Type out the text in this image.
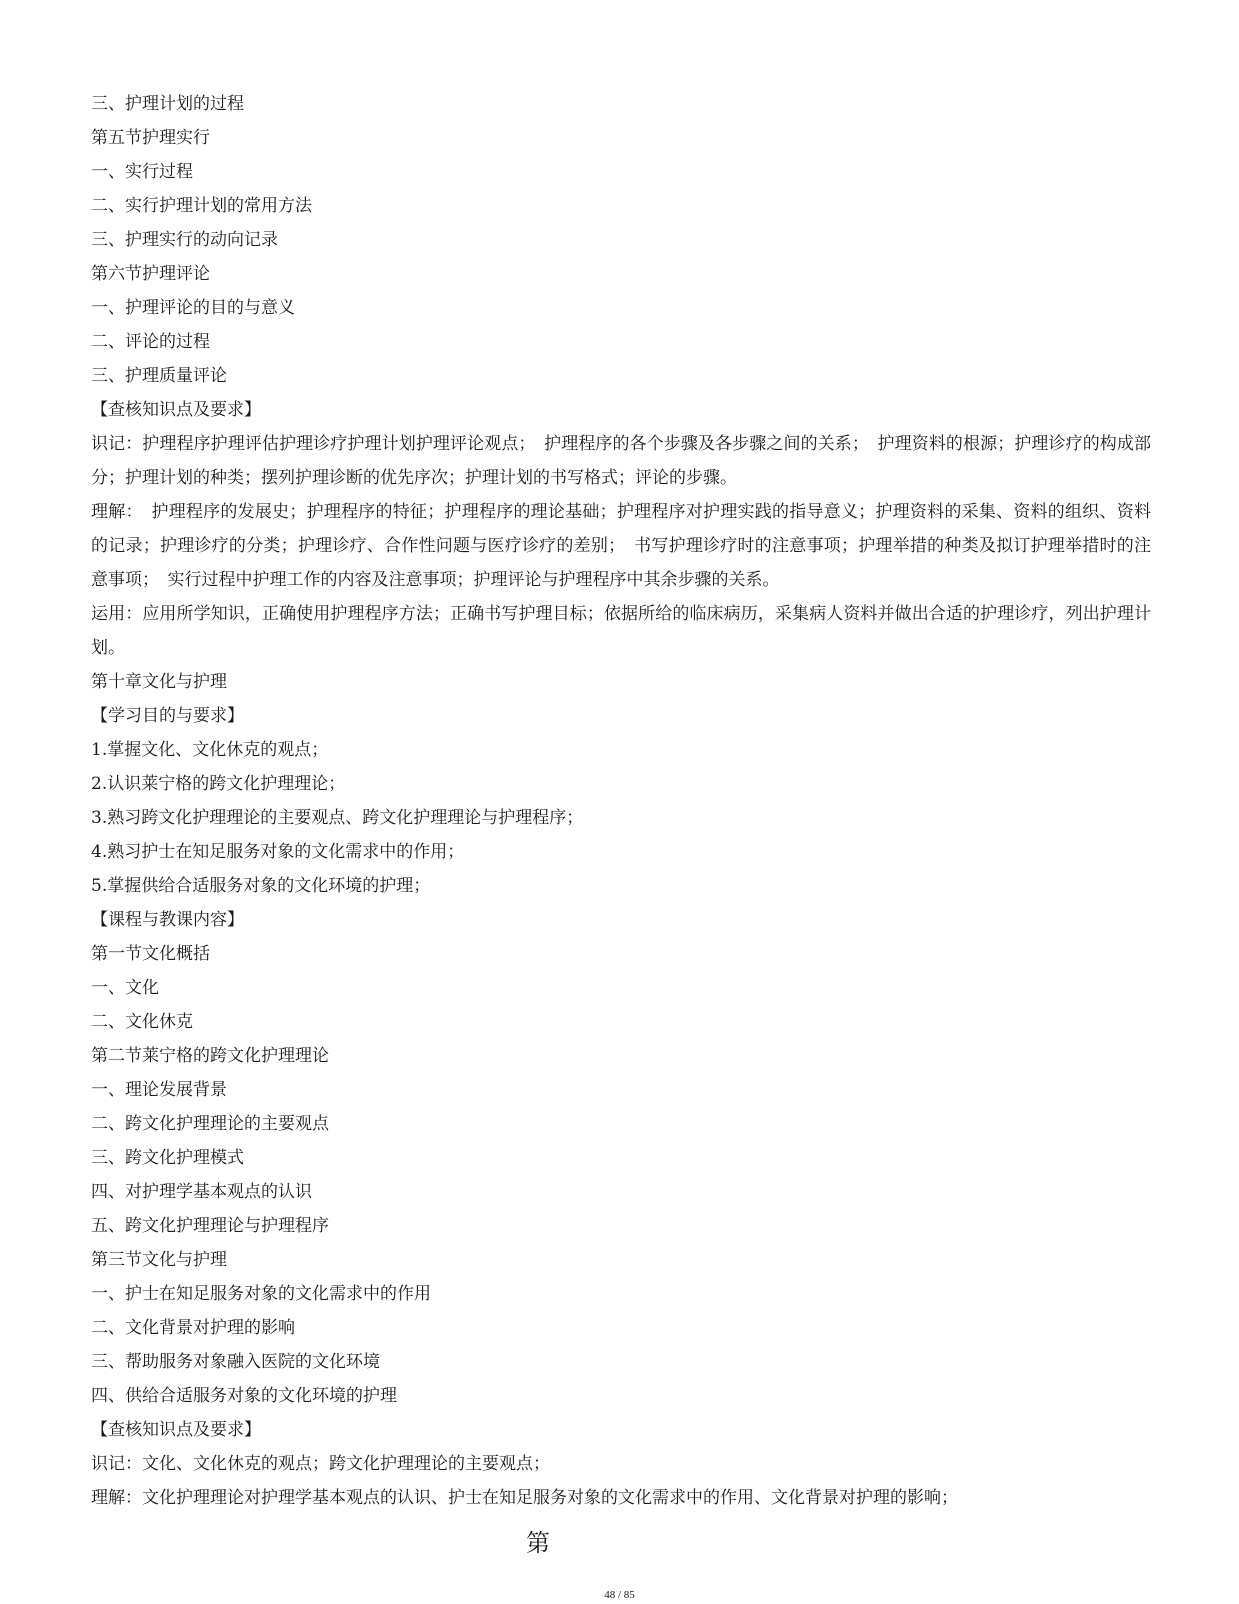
三、护理计划的过程
第五节护理实行
一、实行过程
二、实行护理计划的常用方法
三、护理实行的动向记录
第六节护理评论
一、护理评论的目的与意义
二、评论的过程
三、护理质量评论
【查核知识点及要求】
识记：护理程序护理评估护理诊疗护理计划护理评论观点；　护理程序的各个步骤及各步骤之间的关系；　护理资料的根源；护理诊疗的构成部分；护理计划的种类；摆列护理诊断的优先序次；护理计划的书写格式；评论的步骤。
理解：　护理程序的发展史；护理程序的特征；护理程序的理论基础；护理程序对护理实践的指导意义；护理资料的采集、资料的组织、资料的记录；护理诊疗的分类；护理诊疗、合作性问题与医疗诊疗的差别；　书写护理诊疗时的注意事项；护理举措的种类及拟订护理举措时的注意事项；　实行过程中护理工作的内容及注意事项；护理评论与护理程序中其余步骤的关系。
运用：应用所学知识，正确使用护理程序方法；正确书写护理目标；依据所给的临床病历，采集病人资料并做出合适的护理诊疗，列出护理计划。
第十章文化与护理
【学习目的与要求】
1.掌握文化、文化休克的观点；
2.认识莱宁格的跨文化护理理论；
3.熟习跨文化护理理论的主要观点、跨文化护理理论与护理程序；
4.熟习护士在知足服务对象的文化需求中的作用；
5.掌握供给合适服务对象的文化环境的护理；
【课程与教课内容】
第一节文化概括
一、文化
二、文化休克
第二节莱宁格的跨文化护理理论
一、理论发展背景
二、跨文化护理理论的主要观点
三、跨文化护理模式
四、对护理学基本观点的认识
五、跨文化护理理论与护理程序
第三节文化与护理
一、护士在知足服务对象的文化需求中的作用
二、文化背景对护理的影响
三、帮助服务对象融入医院的文化环境
四、供给合适服务对象的文化环境的护理
【查核知识点及要求】
识记：文化、文化休克的观点；跨文化护理理论的主要观点；
理解：文化护理理论对护理学基本观点的认识、护士在知足服务对象的文化需求中的作用、文化背景对护理的影响；
第
48 / 85
